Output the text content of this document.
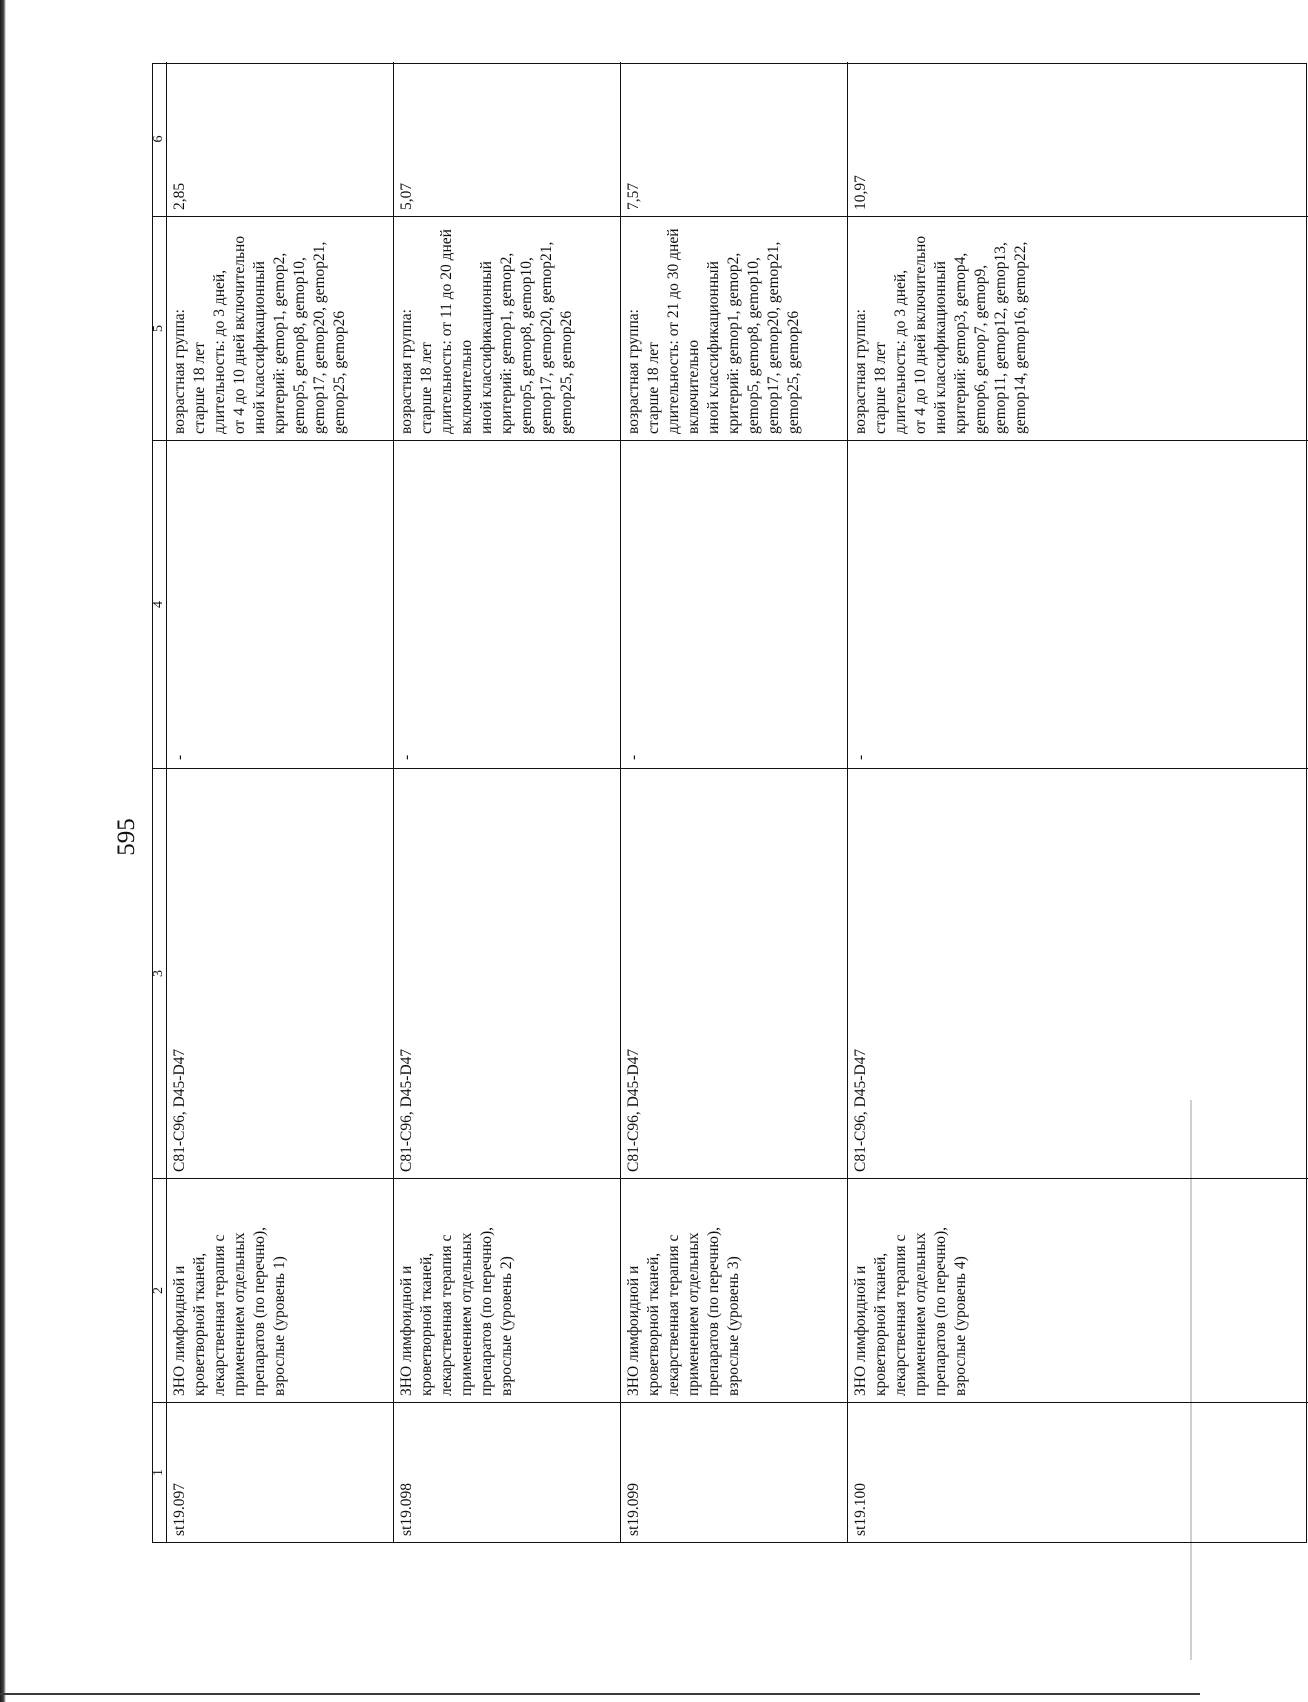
595
1
2
3
4
5
6
st19.097
ЗНО лимфоидной и
кроветворной тканей,
лекарственная терапия с
применением отдельных
препаратов (по перечню),
взрослые (уровень 1)
C81-C96, D45-D47
-
возрастная группа:
старше 18 лет
длительность: до 3 дней,
от 4 до 10 дней включительно
иной классификационный
критерий: gemop1, gemop2,
gemop5, gemop8, gemop10,
gemop17, gemop20, gemop21,
gemop25, gemop26
2,85
st19.098
ЗНО лимфоидной и
кроветворной тканей,
лекарственная терапия с
применением отдельных
препаратов (по перечню),
взрослые (уровень 2)
C81-C96, D45-D47
-
возрастная группа:
старше 18 лет
длительность: от 11 до 20 дней
включительно
иной классификационный
критерий: gemop1, gemop2,
gemop5, gemop8, gemop10,
gemop17, gemop20, gemop21,
gemop25, gemop26
5,07
st19.099
ЗНО лимфоидной и
кроветворной тканей,
лекарственная терапия с
применением отдельных
препаратов (по перечню),
взрослые (уровень 3)
C81-C96, D45-D47
-
возрастная группа:
старше 18 лет
длительность: от 21 до 30 дней
включительно
иной классификационный
критерий: gemop1, gemop2,
gemop5, gemop8, gemop10,
gemop17, gemop20, gemop21,
gemop25, gemop26
7,57
st19.100
ЗНО лимфоидной и
кроветворной тканей,
лекарственная терапия с
применением отдельных
препаратов (по перечню),
взрослые (уровень 4)
C81-C96, D45-D47
-
возрастная группа:
старше 18 лет
длительность: до 3 дней,
от 4 до 10 дней включительно
иной классификационный
критерий: gemop3, gemop4,
gemop6, gemop7, gemop9,
gemop11, gemop12, gemop13,
gemop14, gemop16, gemop22,
10,97
